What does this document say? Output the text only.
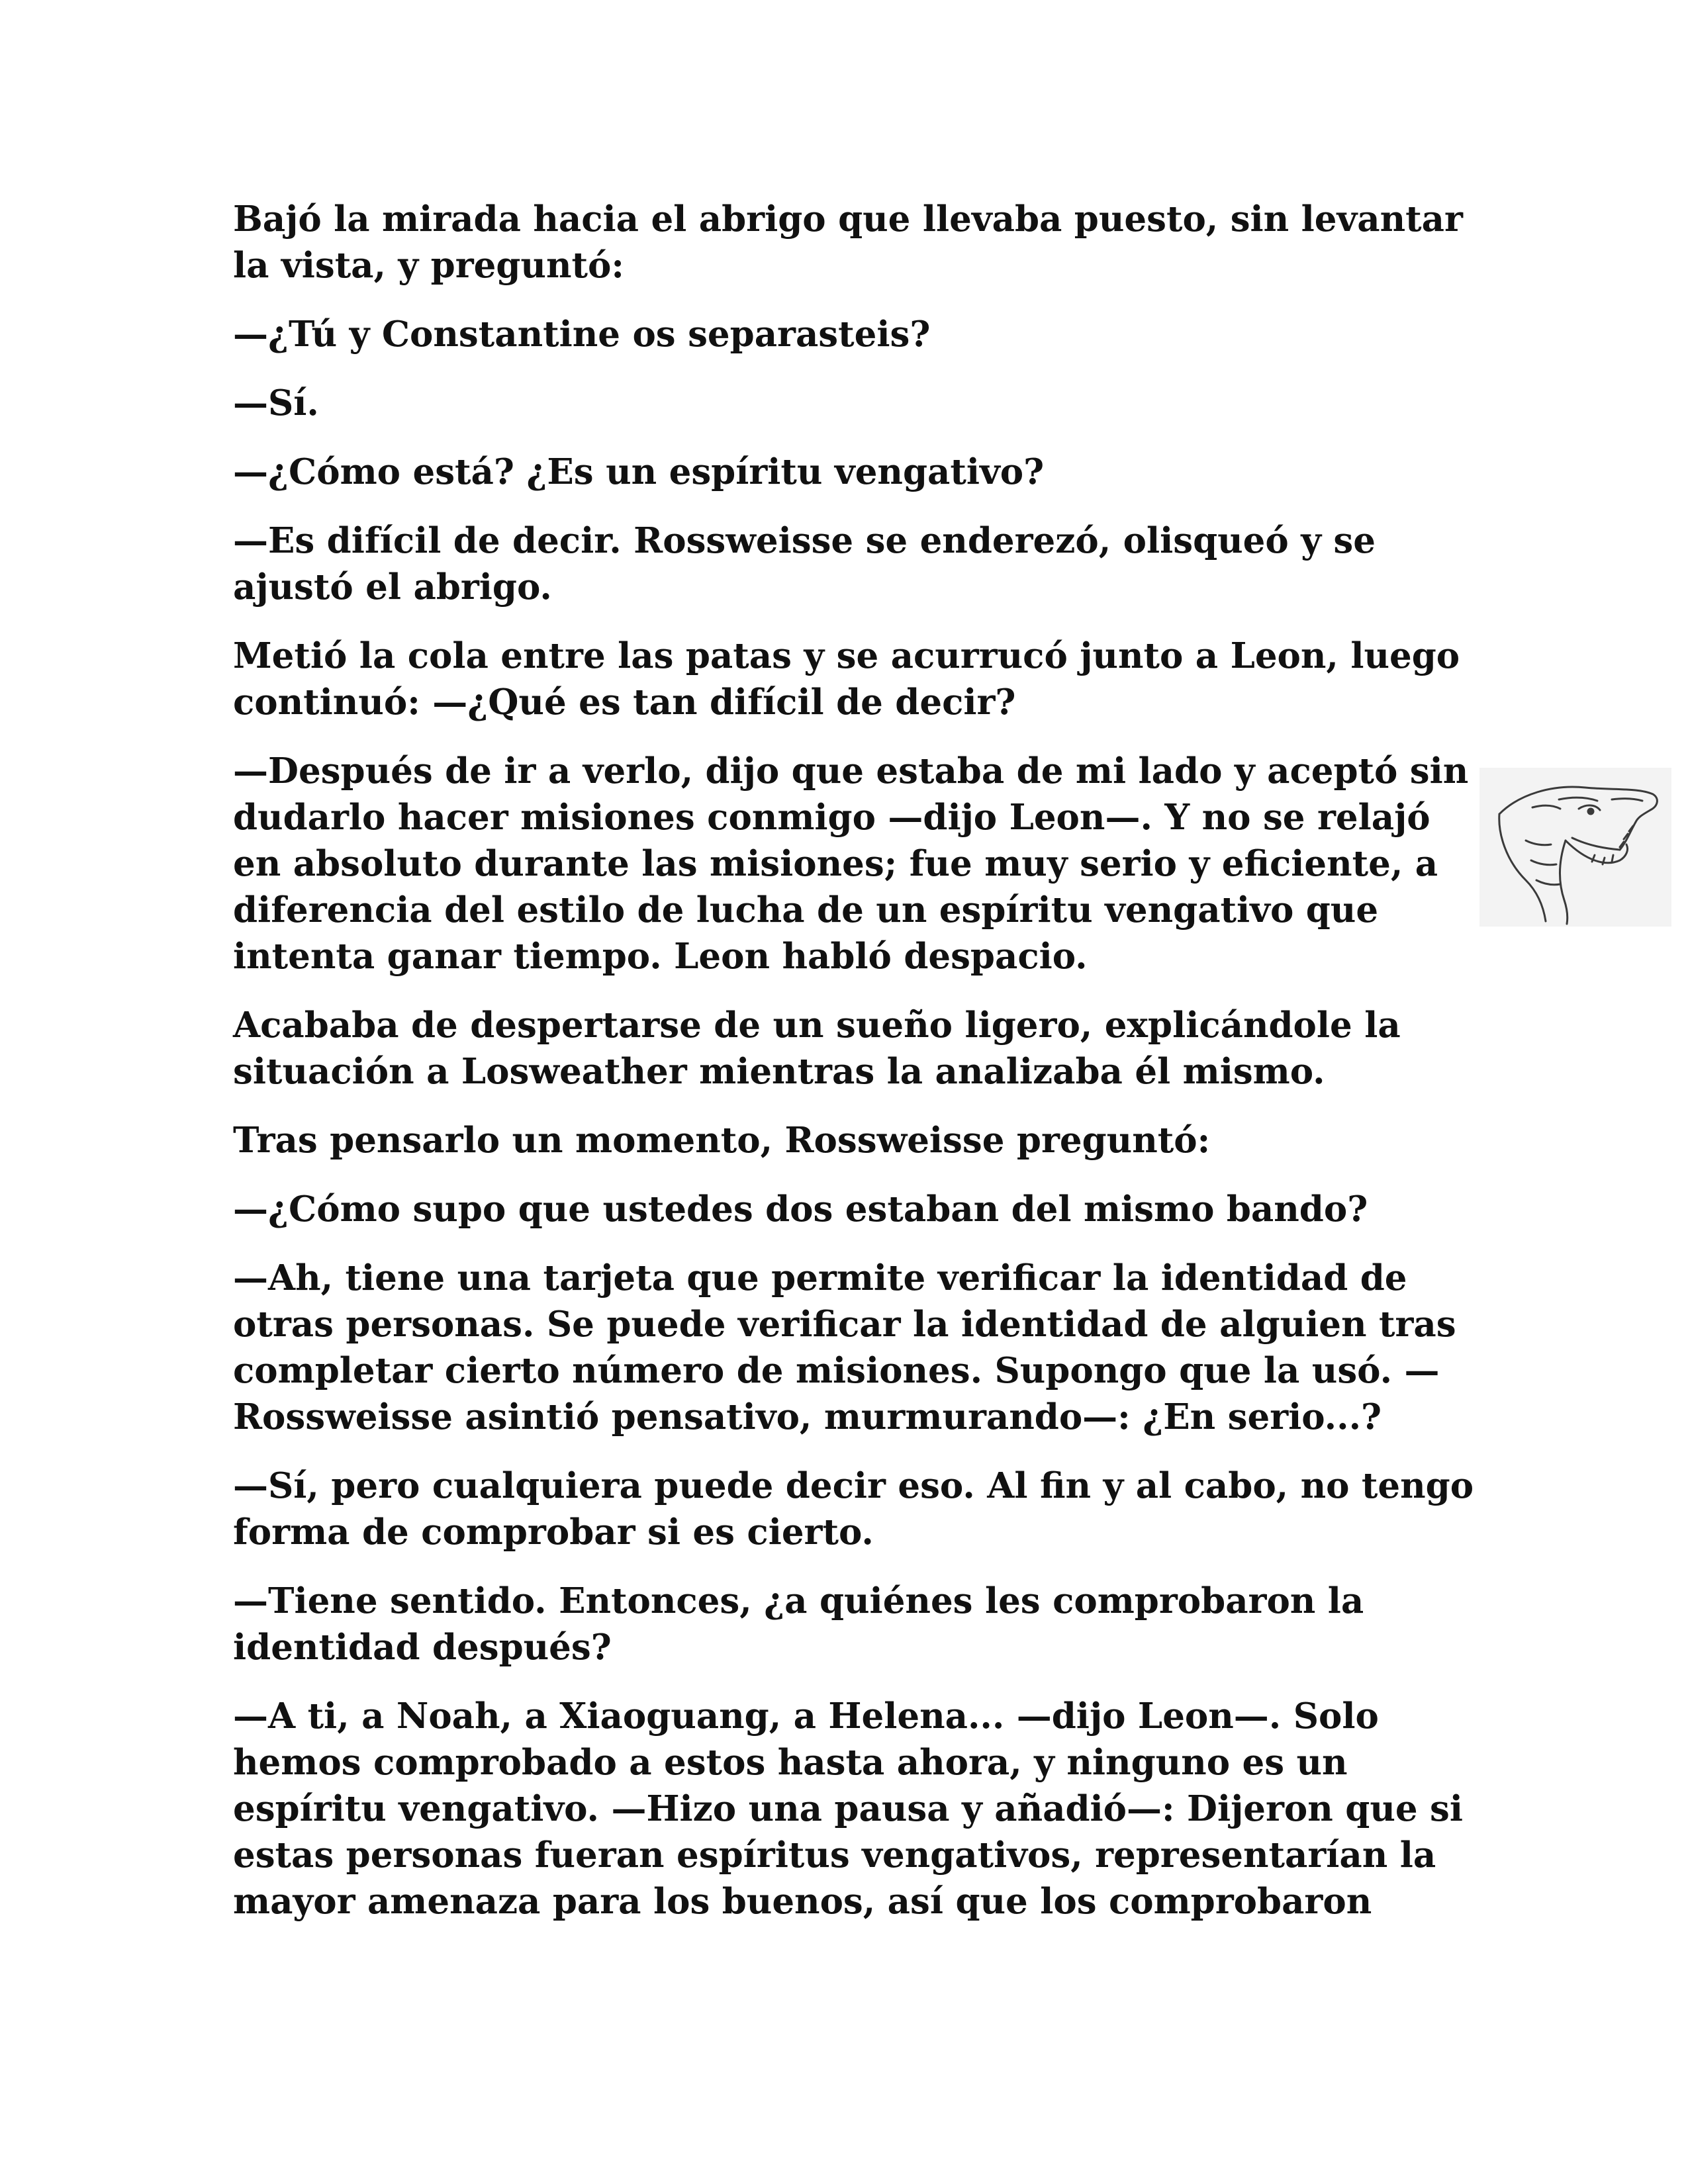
Bajó la mirada hacia el abrigo que llevaba puesto, sin levantar
la vista, y preguntó:

—¿Tú y Constantine os separasteis?

—Sí.

—¿Cómo está? ¿Es un espíritu vengativo?

—Es difícil de decir. Rossweisse se enderezó, olisqueó y se
ajustó el abrigo.

Metió la cola entre las patas y se acurrucó junto a Leon, luego
continuó: —¿Qué es tan difícil de decir?

—Después de ir a verlo, dijo que estaba de mi lado y aceptó sin
dudarlo hacer misiones conmigo —dijo Leon—. Y no se relajó
en absoluto durante las misiones; fue muy serio y eficiente, a
diferencia del estilo de lucha de un espíritu vengativo que
intenta ganar tiempo. Leon habló despacio.

Acababa de despertarse de un sueño ligero, explicándole la
situación a Losweather mientras la analizaba él mismo.

Tras pensarlo un momento, Rossweisse preguntó:

—¿Cómo supo que ustedes dos estaban del mismo bando?

—Ah, tiene una tarjeta que permite verificar la identidad de
otras personas. Se puede verificar la identidad de alguien tras
completar cierto número de misiones. Supongo que la usó. —
Rossweisse asintió pensativo, murmurando—: ¿En serio...?

—Sí, pero cualquiera puede decir eso. Al fin y al cabo, no tengo
forma de comprobar si es cierto.

—Tiene sentido. Entonces, ¿a quiénes les comprobaron la
identidad después?

—A ti, a Noah, a Xiaoguang, a Helena... —dijo Leon—. Solo
hemos comprobado a estos hasta ahora, y ninguno es un
espíritu vengativo. —Hizo una pausa y añadió—: Dijeron que si
estas personas fueran espíritus vengativos, representarían la
mayor amenaza para los buenos, así que los comprobaron
